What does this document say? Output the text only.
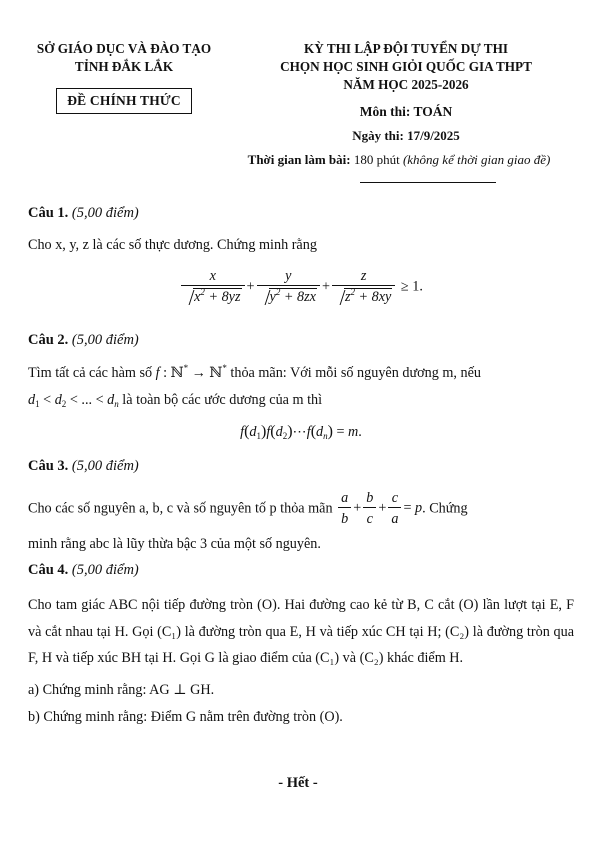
SỞ GIÁO DỤC VÀ ĐÀO TẠO
TỈNH ĐẮK LẮK
ĐỀ CHÍNH THỨC
KỲ THI LẬP ĐỘI TUYỂN DỰ THI
CHỌN HỌC SINH GIỎI QUỐC GIA THPT
NĂM HỌC 2025-2026
Môn thi: TOÁN
Ngày thi: 17/9/2025
Thời gian làm bài: 180 phút (không kể thời gian giao đề)
Câu 1. (5,00 điểm)
Cho x, y, z là các số thực dương. Chứng minh rằng
$\frac{x}{x^2 + 8yz} + \frac{y}{y^2 + 8zx} + \frac{z}{z^2 + 8xy} \ge 1$.
Câu 2. (5,00 điểm)
Tìm tất cả các hàm số f : ℕ* → ℕ* thỏa mãn: Với mỗi số nguyên dương m, nếu
$d_1 < d_2$ < ... < $d_n$ là toàn bộ các ước dương của m thì
$f(d_1)f(d_2)\cdots f(d_n) = m$.
Câu 3. (5,00 điểm)
Cho các số nguyên a, b, c và số nguyên tố p thỏa mãn $\frac{a}{b} + \frac{b}{c} + \frac{c}{a} = p$. Chứng
minh rằng abc là lũy thừa bậc 3 của một số nguyên.
Câu 4. (5,00 điểm)
Cho tam giác ABC nội tiếp đường tròn (O). Hai đường cao kẻ từ B, C cắt (O) lần lượt tại E, F và cắt nhau tại H. Gọi (C₁) là đường tròn qua E, H và tiếp xúc CH tại H; (C₂) là đường tròn qua F, H và tiếp xúc BH tại H. Gọi G là giao điểm của (C₁) và (C₂) khác điểm H.
a) Chứng minh rằng: AG ⊥ GH.
b) Chứng minh rằng: Điểm G nằm trên đường tròn (O).
- Hết -
